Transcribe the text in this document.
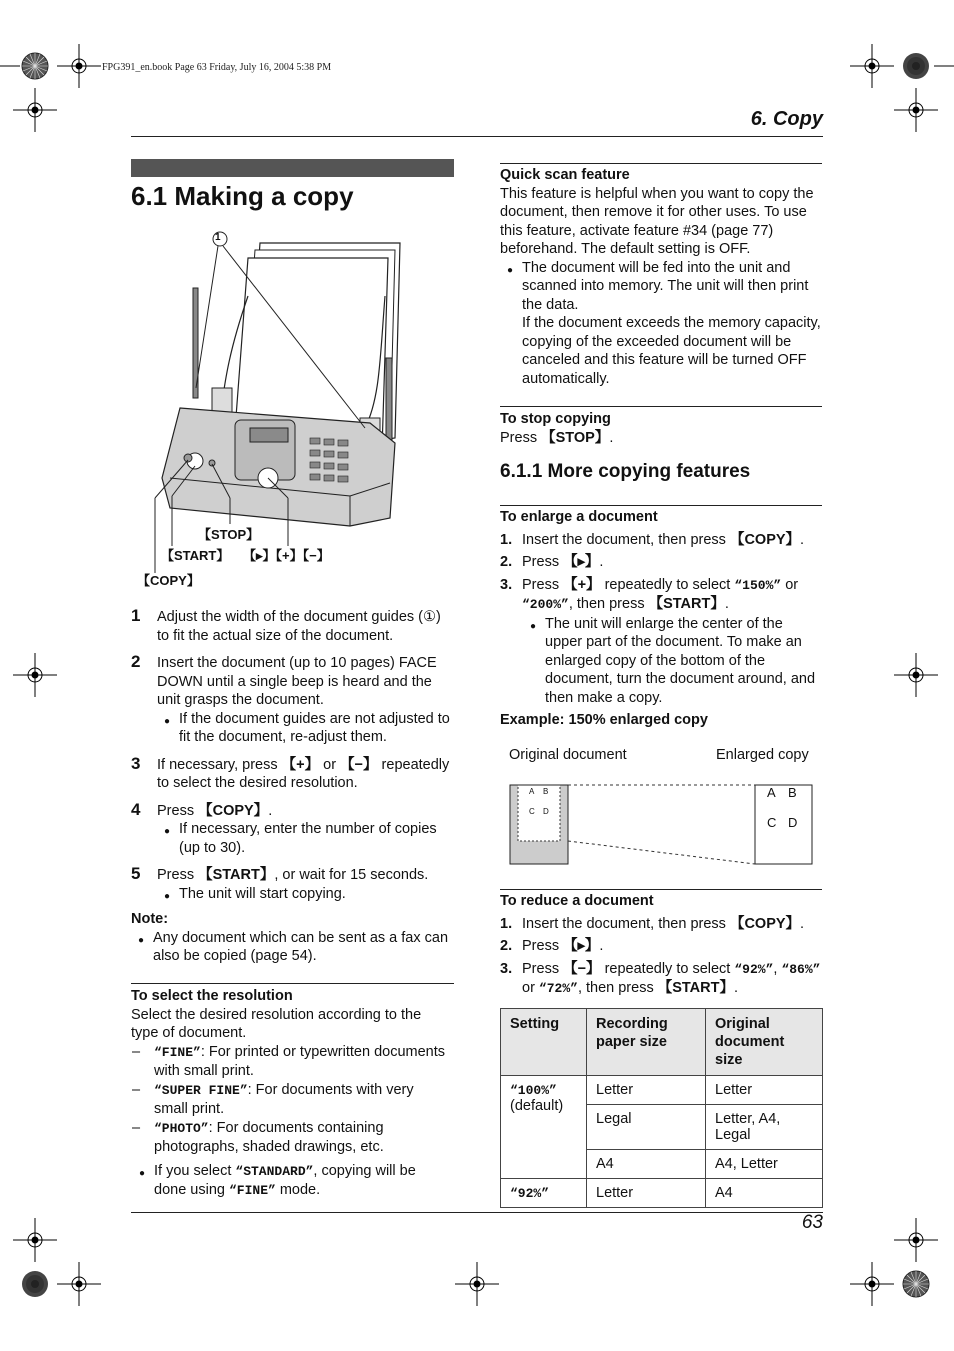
FPG391_en.book Page 63 Friday, July 16, 2004 5:38 PM
6. Copy
6.1 Making a copy
1
【STOP】
【START】 【▸】【+】【−】
【COPY】
1 Adjust the width of the document guides (①) to fit the actual size of the document.
2 Insert the document (up to 10 pages) FACE DOWN until a single beep is heard and the unit grasps the document.
● If the document guides are not adjusted to fit the document, re-adjust them.
3 If necessary, press 【+】 or 【−】 repeatedly to select the desired resolution.
4 Press 【COPY】.
● If necessary, enter the number of copies (up to 30).
5 Press 【START】, or wait for 15 seconds.
● The unit will start copying.
Note:
● Any document which can be sent as a fax can also be copied (page 54).
To select the resolution
Select the desired resolution according to the type of document.
– “FINE”: For printed or typewritten documents with small print.
– “SUPER FINE”: For documents with very small print.
– “PHOTO”: For documents containing photographs, shaded drawings, etc.
● If you select “STANDARD”, copying will be done using “FINE” mode.
Quick scan feature
This feature is helpful when you want to copy the document, then remove it for other uses. To use this feature, activate feature #34 (page 77) beforehand. The default setting is OFF.
● The document will be fed into the unit and scanned into memory. The unit will then print the data.
If the document exceeds the memory capacity, copying of the exceeded document will be canceled and this feature will be turned OFF automatically.
To stop copying
Press 【STOP】.
6.1.1 More copying features
To enlarge a document
1. Insert the document, then press 【COPY】.
2. Press 【▸】.
3. Press 【+】 repeatedly to select “150%” or “200%”, then press 【START】.
● The unit will enlarge the center of the upper part of the document. To make an enlarged copy of the bottom of the document, turn the document around, and then make a copy.
Example: 150% enlarged copy
Original document	Enlarged copy
A B
C D
A B
C D
To reduce a document
1. Insert the document, then press 【COPY】.
2. Press 【▸】.
3. Press 【−】 repeatedly to select “92%”, “86%” or “72%”, then press 【START】.
Setting	Recording paper size	Original document size
“100%”
(default)	Letter	Letter
	Legal	Letter, A4, Legal
	A4	A4, Letter
“92%”	Letter	A4
63
